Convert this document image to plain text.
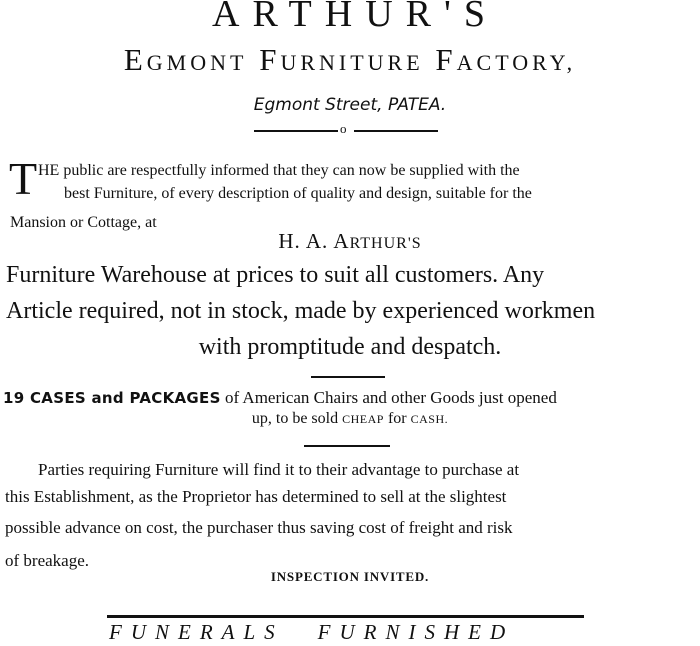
ARTHUR'S
EGMONT FURNITURE FACTORY,
Egmont Street, PATEA.
o
T HE public are respectfully informed that they can now be supplied with the
best Furniture, of every description of quality and design, suitable for the
Mansion or Cottage, at
H. A. ARTHUR'S
Furniture Warehouse at prices to suit all customers. Any
Article required, not in stock, made by experienced workmen
with promptitude and despatch.
19 CASES and PACKAGES of American Chairs and other Goods just opened
up, to be sold CHEAP for CASH.
Parties requiring Furniture will find it to their advantage to purchase at
this Establishment, as the Proprietor has determined to sell at the slightest
possible advance on cost, the purchaser thus saving cost of freight and risk
of breakage.
INSPECTION INVITED.
FUNERALS FURNISHED
